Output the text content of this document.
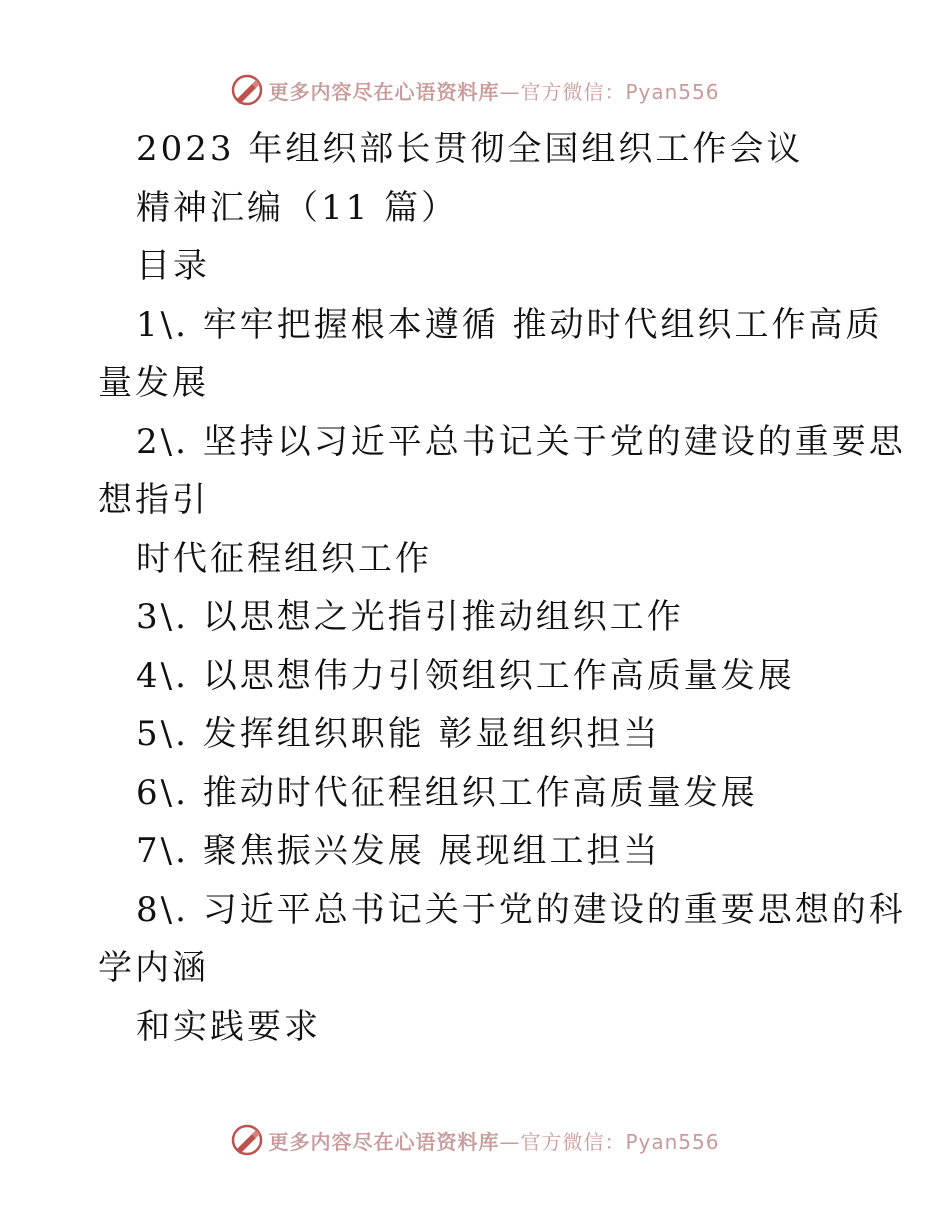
更多内容尽在心语资料库—官方微信：Pyan556
2023 年组织部长贯彻全国组织工作会议
精神汇编（11 篇）
目录
1\. 牢牢把握根本遵循 推动时代组织工作高质
量发展
2\. 坚持以习近平总书记关于党的建设的重要思
想指引
时代征程组织工作
3\. 以思想之光指引推动组织工作
4\. 以思想伟力引领组织工作高质量发展
5\. 发挥组织职能 彰显组织担当
6\. 推动时代征程组织工作高质量发展
7\. 聚焦振兴发展 展现组工担当
8\. 习近平总书记关于党的建设的重要思想的科
学内涵
和实践要求
更多内容尽在心语资料库—官方微信：Pyan556
